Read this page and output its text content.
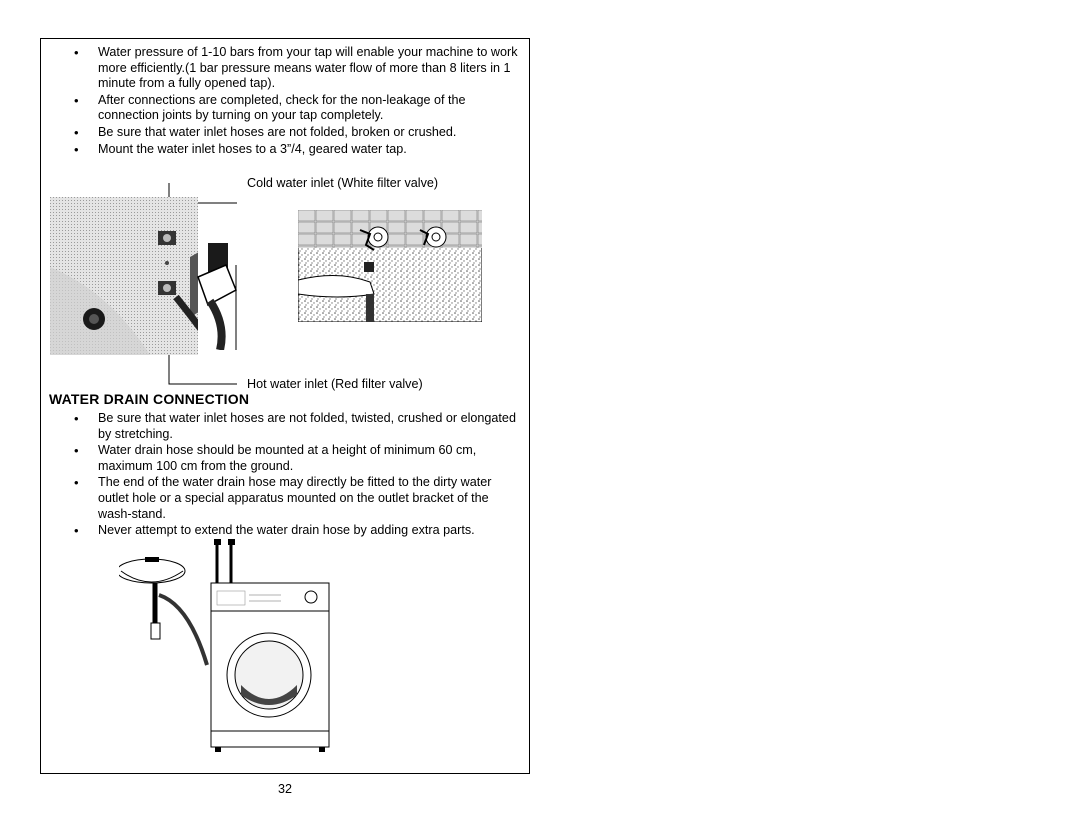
• Water pressure of 1-10 bars from your tap will enable your machine to work more efficiently.(1 bar pressure means water flow of more than 8 liters in 1 minute from a fully opened tap).
• After connections are completed, check for the non-leakage of the connection joints by turning on your tap completely.
• Be sure that water inlet hoses are not folded, broken or crushed.
• Mount the water inlet hoses to a 3”/4, geared water tap.
Cold water inlet (White filter valve)
Hot water inlet (Red filter valve)
WATER DRAIN CONNECTION
• Be sure that water inlet hoses are not folded, twisted, crushed or elongated by stretching.
• Water drain hose should be mounted at a height of minimum 60 cm, maximum 100 cm from the ground.
• The end of the water drain hose may directly be fitted to the dirty water outlet hole or a special apparatus mounted on the outlet bracket of the wash-stand.
• Never attempt to extend the water drain hose by adding extra parts.
32
